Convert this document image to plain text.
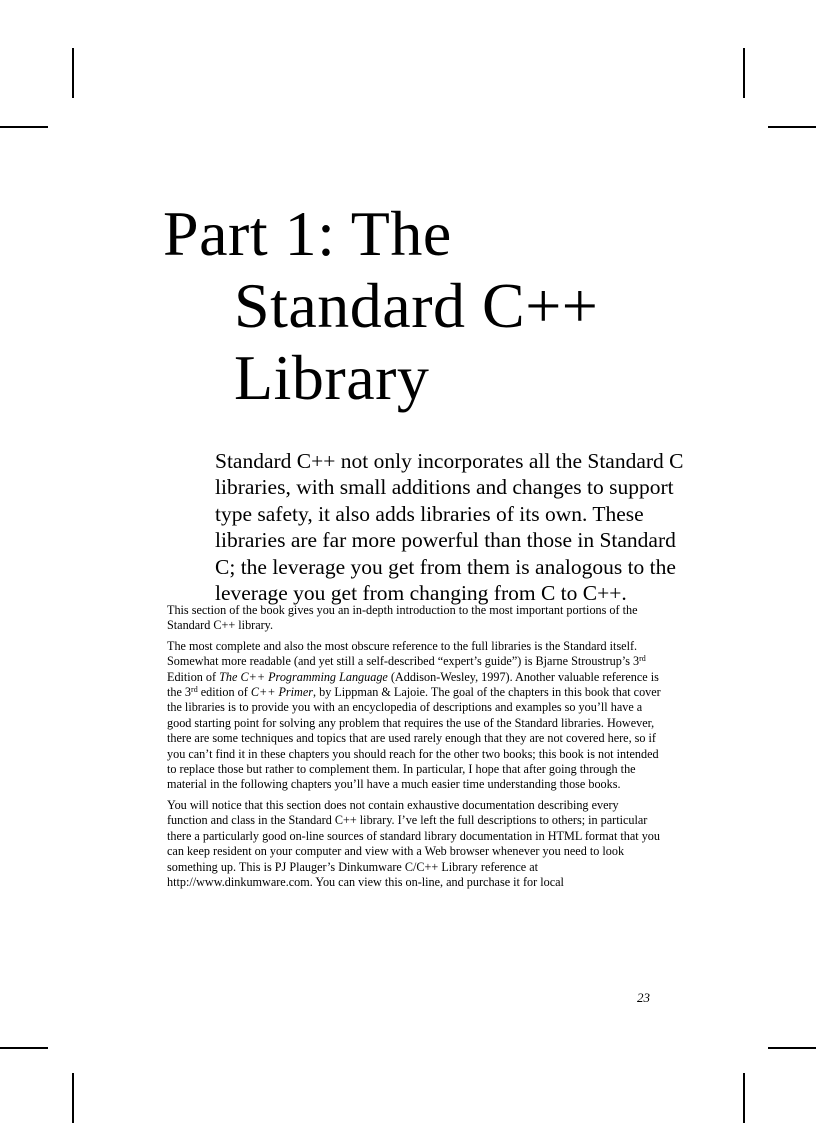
Part 1: The
Standard C++
Library

Standard C++ not only incorporates all the Standard C libraries, with small additions and changes to support type safety, it also adds libraries of its own. These libraries are far more powerful than those in Standard C; the leverage you get from them is analogous to the leverage you get from changing from C to C++.

This section of the book gives you an in-depth introduction to the most important portions of the Standard C++ library.

The most complete and also the most obscure reference to the full libraries is the Standard itself. Somewhat more readable (and yet still a self-described “expert’s guide”) is Bjarne Stroustrup’s 3rd Edition of The C++ Programming Language (Addison-Wesley, 1997). Another valuable reference is the 3rd edition of C++ Primer, by Lippman & Lajoie. The goal of the chapters in this book that cover the libraries is to provide you with an encyclopedia of descriptions and examples so you’ll have a good starting point for solving any problem that requires the use of the Standard libraries. However, there are some techniques and topics that are used rarely enough that they are not covered here, so if you can’t find it in these chapters you should reach for the other two books; this book is not intended to replace those but rather to complement them. In particular, I hope that after going through the material in the following chapters you’ll have a much easier time understanding those books.

You will notice that this section does not contain exhaustive documentation describing every function and class in the Standard C++ library. I’ve left the full descriptions to others; in particular there a particularly good on-line sources of standard library documentation in HTML format that you can keep resident on your computer and view with a Web browser whenever you need to look something up. This is PJ Plauger’s Dinkumware C/C++ Library reference at http://www.dinkumware.com. You can view this on-line, and purchase it for local

23
